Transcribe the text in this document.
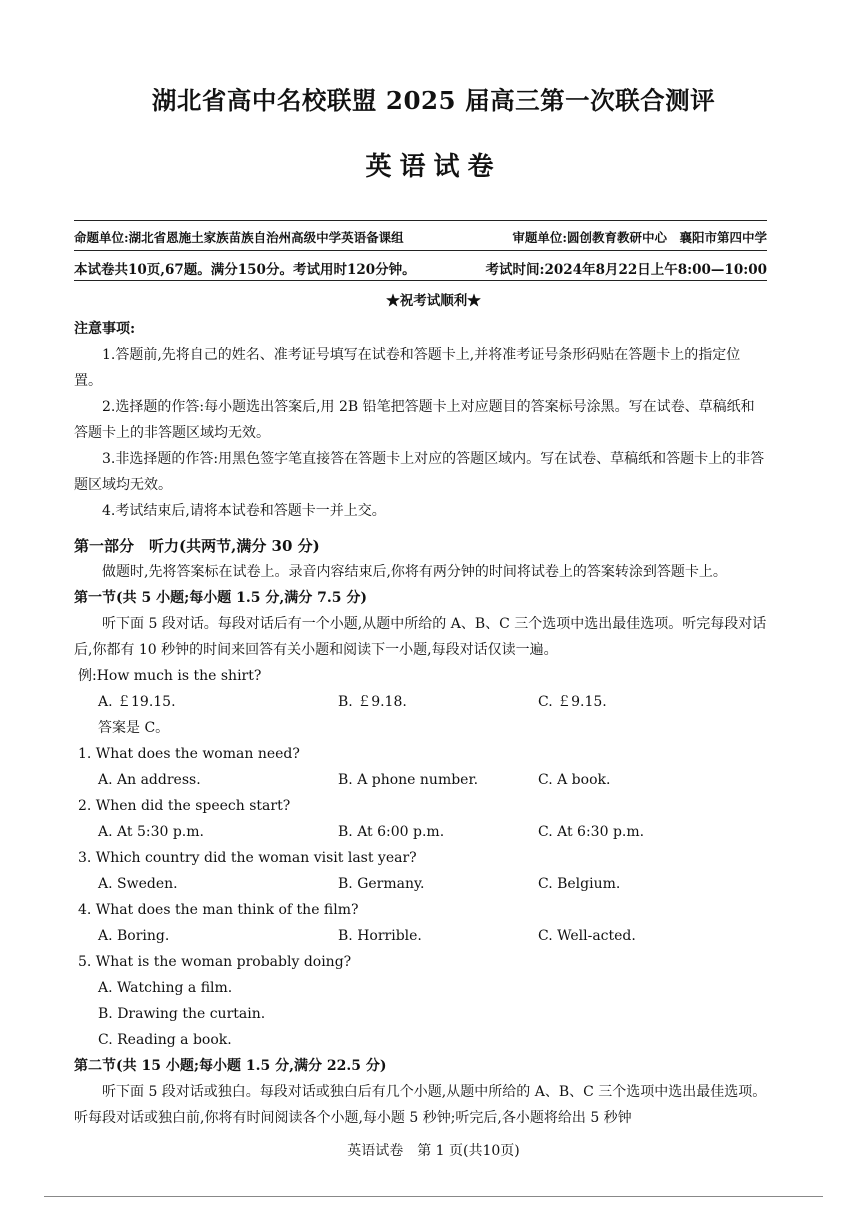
湖北省高中名校联盟 2025 届高三第一次联合测评
英语试卷
命题单位:湖北省恩施土家族苗族自治州高级中学英语备课组	审题单位:圆创教育教研中心　襄阳市第四中学
本试卷共10页,67题。满分150分。考试用时120分钟。	考试时间:2024年8月22日上午8:00—10:00
★祝考试顺利★
注意事项:

1.答题前,先将自己的姓名、准考证号填写在试卷和答题卡上,并将准考证号条形码贴在答题卡上的指定位置。

2.选择题的作答:每小题选出答案后,用 2B 铅笔把答题卡上对应题目的答案标号涂黑。写在试卷、草稿纸和答题卡上的非答题区域均无效。

3.非选择题的作答:用黑色签字笔直接答在答题卡上对应的答题区域内。写在试卷、草稿纸和答题卡上的非答题区域均无效。

4.考试结束后,请将本试卷和答题卡一并上交。

第一部分　听力(共两节,满分 30 分)

做题时,先将答案标在试卷上。录音内容结束后,你将有两分钟的时间将试卷上的答案转涂到答题卡上。

第一节(共 5 小题;每小题 1.5 分,满分 7.5 分)

听下面 5 段对话。每段对话后有一个小题,从题中所给的 A、B、C 三个选项中选出最佳选项。听完每段对话后,你都有 10 秒钟的时间来回答有关小题和阅读下一小题,每段对话仅读一遍。

例:How much is the shirt?

A. ￡19.15.	B. ￡9.18.	C. ￡9.15.

答案是 C。

1. What does the woman need?

A. An address.	B. A phone number.	C. A book.

2. When did the speech start?

A. At 5:30 p.m.	B. At 6:00 p.m.	C. At 6:30 p.m.

3. Which country did the woman visit last year?

A. Sweden.	B. Germany.	C. Belgium.

4. What does the man think of the film?

A. Boring.	B. Horrible.	C. Well-acted.

5. What is the woman probably doing?

A. Watching a film.

B. Drawing the curtain.

C. Reading a book.

第二节(共 15 小题;每小题 1.5 分,满分 22.5 分)

听下面 5 段对话或独白。每段对话或独白后有几个小题,从题中所给的 A、B、C 三个选项中选出最佳选项。听每段对话或独白前,你将有时间阅读各个小题,每小题 5 秒钟;听完后,各小题将给出 5 秒钟

英语试卷　第 1 页(共10页)
